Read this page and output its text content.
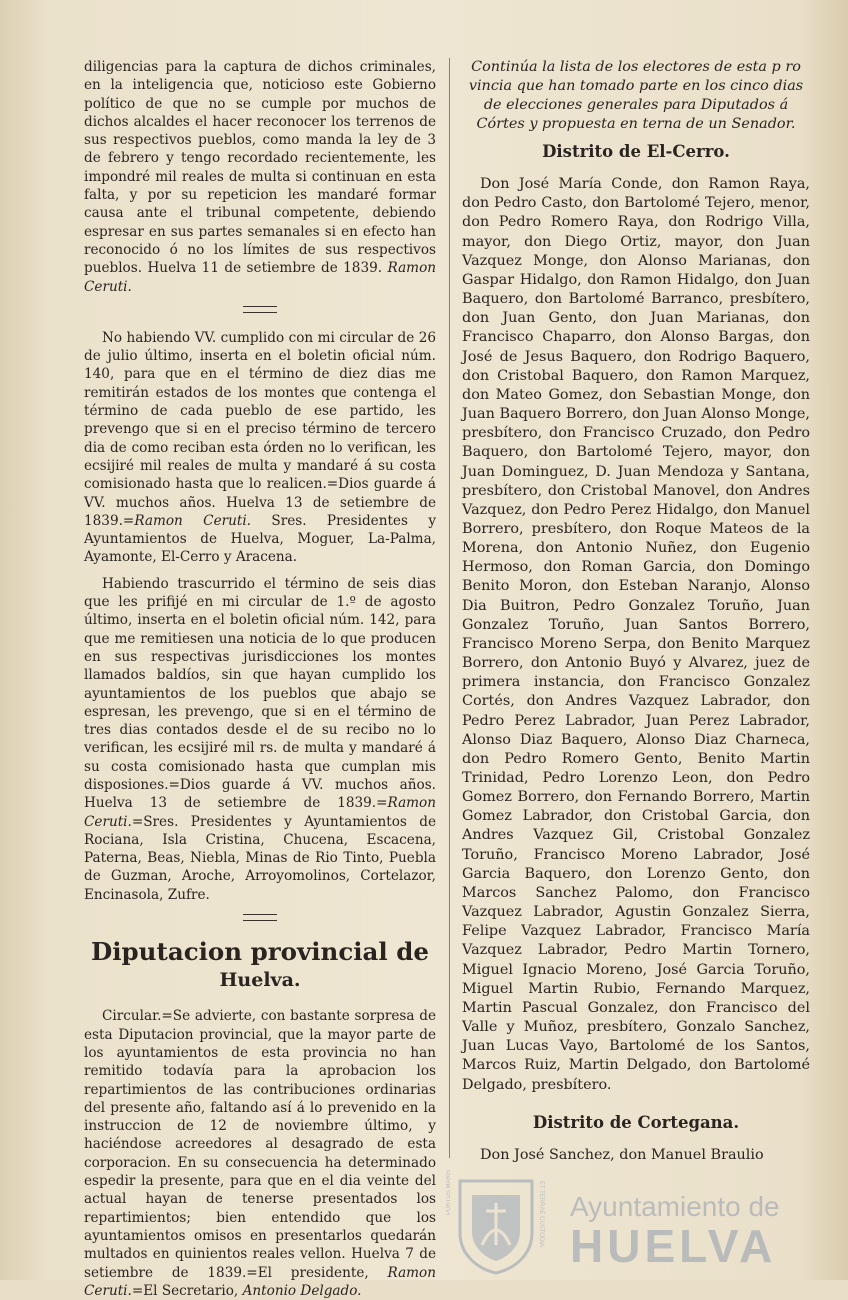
diligencias para la captura de dichos criminales, en la inteligencia que, noticioso este Gobierno político de que no se cumple por muchos de dichos alcaldes el hacer reconocer los terrenos de sus respectivos pueblos, como manda la ley de 3 de febrero y tengo recordado recientemente, les impondré mil reales de multa si continuan en esta falta, y por su repeticion les mandaré formar causa ante el tribunal competente, debiendo espresar en sus partes semanales si en efecto han reconocido ó no los límites de sus respectivos pueblos. Huelva 11 de setiembre de 1839. Ramon Ceruti.

No habiendo VV. cumplido con mi circular de 26 de julio último, inserta en el boletin oficial núm. 140, para que en el término de diez dias me remitirán estados de los montes que contenga el término de cada pueblo de ese partido, les prevengo que si en el preciso término de tercero dia de como reciban esta órden no lo verifican, les ecsijiré mil reales de multa y mandaré á su costa comisionado hasta que lo realicen.=Dios guarde á VV. muchos años. Huelva 13 de setiembre de 1839.=Ramon Ceruti. Sres. Presidentes y Ayuntamientos de Huelva, Moguer, La-Palma, Ayamonte, El-Cerro y Aracena.

Habiendo trascurrido el término de seis dias que les prifijé en mi circular de 1.º de agosto último, inserta en el boletin oficial núm. 142, para que me remitiesen una noticia de lo que producen en sus respectivas jurisdicciones los montes llamados baldíos, sin que hayan cumplido los ayuntamientos de los pueblos que abajo se espresan, les prevengo, que si en el término de tres dias contados desde el de su recibo no lo verifican, les ecsijiré mil rs. de multa y mandaré á su costa comisionado hasta que cumplan mis disposiones.=Dios guarde á VV. muchos años. Huelva 13 de setiembre de 1839.=Ramon Ceruti.=Sres. Presidentes y Ayuntamientos de Rociana, Isla Cristina, Chucena, Escacena, Paterna, Beas, Niebla, Minas de Rio Tinto, Puebla de Guzman, Aroche, Arroyomolinos, Cortelazor, Encinasola, Zufre.

Diputacion provincial de
Huelva.

Circular.=Se advierte, con bastante sorpresa de esta Diputacion provincial, que la mayor parte de los ayuntamientos de esta provincia no han remitido todavía para la aprobacion los repartimientos de las contribuciones ordinarias del presente año, faltando así á lo prevenido en la instruccion de 12 de noviembre último, y haciéndose acreedores al desagrado de esta corporacion. En su consecuencia ha determinado espedir la presente, para que en el dia veinte del actual hayan de tenerse presentados los repartimientos; bien entendido que los ayuntamientos omisos en presentarlos quedarán multados en quinientos reales vellon. Huelva 7 de setiembre de 1839.=El presidente, Ramon Ceruti.=El Secretario, Antonio Delgado.

Continúa la lista de los electores de esta p ro vincia que han tomado parte en los cinco dias de elecciones generales para Diputados á Córtes y propuesta en terna de un Senador.

Distrito de El-Cerro.

Don José María Conde, don Ramon Raya, don Pedro Casto, don Bartolomé Tejero, menor, don Pedro Romero Raya, don Rodrigo Villa, mayor, don Diego Ortiz, mayor, don Juan Vazquez Monge, don Alonso Marianas, don Gaspar Hidalgo, don Ramon Hidalgo, don Juan Baquero, don Bartolomé Barranco, presbítero, don Juan Gento, don Juan Marianas, don Francisco Chaparro, don Alonso Bargas, don José de Jesus Baquero, don Rodrigo Baquero, don Cristobal Baquero, don Ramon Marquez, don Mateo Gomez, don Sebastian Monge, don Juan Baquero Borrero, don Juan Alonso Monge, presbítero, don Francisco Cruzado, don Pedro Baquero, don Bartolomé Tejero, mayor, don Juan Dominguez, D. Juan Mendoza y Santana, presbítero, don Cristobal Manovel, don Andres Vazquez, don Pedro Perez Hidalgo, don Manuel Borrero, presbítero, don Roque Mateos de la Morena, don Antonio Nuñez, don Eugenio Hermoso, don Roman Garcia, don Domingo Benito Moron, don Esteban Naranjo, Alonso Dia Buitron, Pedro Gonzalez Toruño, Juan Gonzalez Toruño, Juan Santos Borrero, Francisco Moreno Serpa, don Benito Marquez Borrero, don Antonio Buyó y Alvarez, juez de primera instancia, don Francisco Gonzalez Cortés, don Andres Vazquez Labrador, don Pedro Perez Labrador, Juan Perez Labrador, Alonso Diaz Baquero, Alonso Diaz Charneca, don Pedro Romero Gento, Benito Martin Trinidad, Pedro Lorenzo Leon, don Pedro Gomez Borrero, don Fernando Borrero, Martin Gomez Labrador, don Cristobal Garcia, don Andres Vazquez Gil, Cristobal Gonzalez Toruño, Francisco Moreno Labrador, José Garcia Baquero, don Lorenzo Gento, don Marcos Sanchez Palomo, don Francisco Vazquez Labrador, Agustin Gonzalez Sierra, Felipe Vazquez Labrador, Francisco María Vazquez Labrador, Pedro Martin Tornero, Miguel Ignacio Moreno, José Garcia Toruño, Miguel Martin Rubio, Fernando Marquez, Martin Pascual Gonzalez, don Francisco del Valle y Muñoz, presbítero, Gonzalo Sanchez, Juan Lucas Vayo, Bartolomé de los Santos, Marcos Ruiz, Martin Delgado, don Bartolomé Delgado, presbítero.

Distrito de Cortegana.

Don José Sanchez, don Manuel Braulio

Ayuntamiento de
HUELVA
PORTUS MARIS	ET TERRAE CUSTODIA
